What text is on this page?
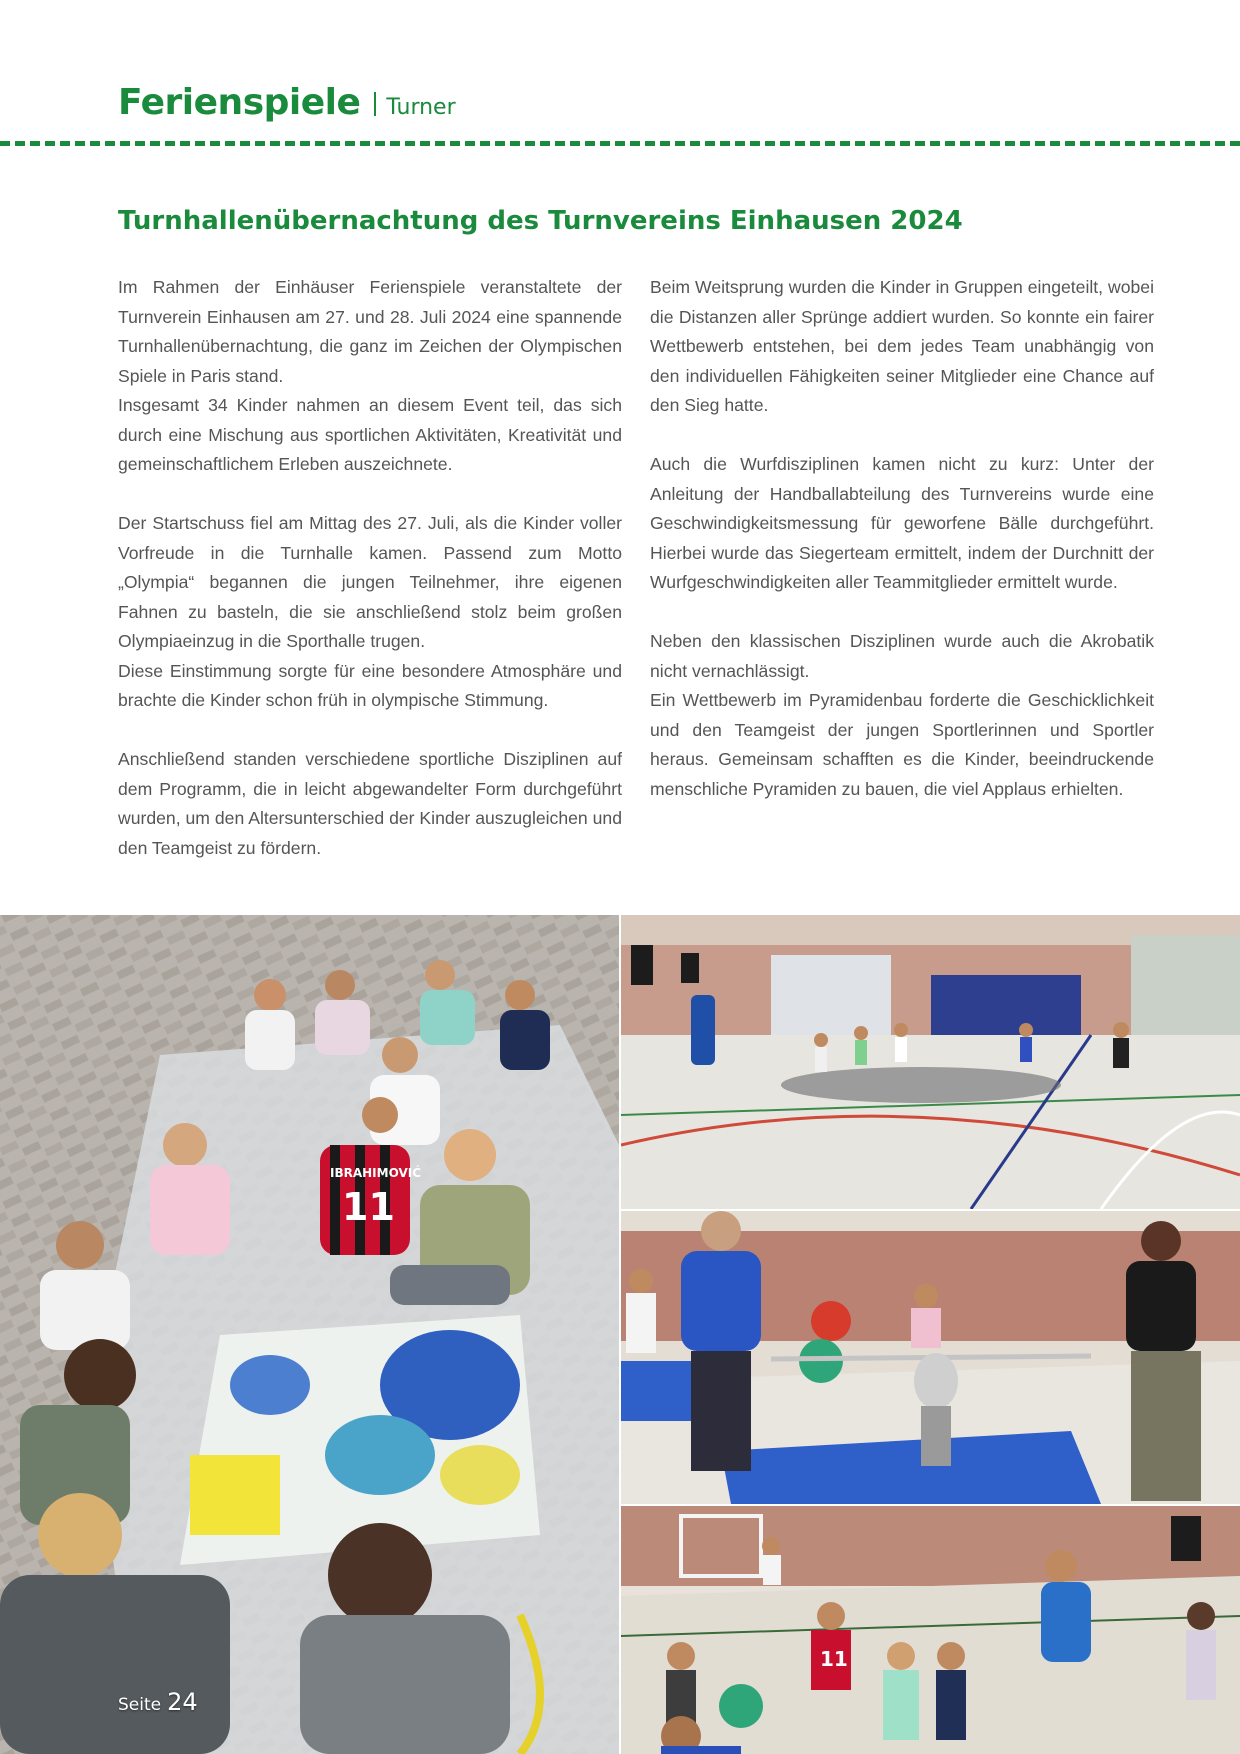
Ferienspiele Turner
Turnhallenübernachtung des Turnvereins Einhausen 2024

Im Rahmen der Einhäuser Ferienspiele veranstaltete der Turnverein Einhausen am 27. und 28. Juli 2024 eine spannende Turnhallenübernachtung, die ganz im Zeichen der Olympischen Spiele in Paris stand.

Insgesamt 34 Kinder nahmen an diesem Event teil, das sich durch eine Mischung aus sportlichen Aktivitäten, Kreativität und gemeinschaftlichem Erleben auszeichnete.

Der Startschuss fiel am Mittag des 27. Juli, als die Kinder voller Vorfreude in die Turnhalle kamen. Passend zum Motto „Olympia“ begannen die jungen Teilnehmer, ihre eigenen Fahnen zu basteln, die sie anschließend stolz beim großen Olympiaeinzug in die Sporthalle trugen.

Diese Einstimmung sorgte für eine besondere Atmosphäre und brachte die Kinder schon früh in olympische Stimmung.

Anschließend standen verschiedene sportliche Disziplinen auf dem Programm, die in leicht abgewandelter Form durchgeführt wurden, um den Altersunterschied der Kinder auszugleichen und den Teamgeist zu fördern.

Beim Weitsprung wurden die Kinder in Gruppen eingeteilt, wobei die Distanzen aller Sprünge addiert wurden. So konnte ein fairer Wettbewerb entstehen, bei dem jedes Team unabhängig von den individuellen Fähigkeiten seiner Mitglieder eine Chance auf den Sieg hatte.

Auch die Wurfdisziplinen kamen nicht zu kurz: Unter der Anleitung der Handballabteilung des Turnvereins wurde eine Geschwindigkeitsmessung für geworfene Bälle durchgeführt. Hierbei wurde das Siegerteam ermittelt, indem der Durchnitt der Wurfgeschwindigkeiten aller Teammitglieder ermittelt wurde.

Neben den klassischen Disziplinen wurde auch die Akrobatik nicht vernachlässigt.

Ein Wettbewerb im Pyramidenbau forderte die Geschicklichkeit und den Teamgeist der jungen Sportlerinnen und Sportler heraus. Gemeinsam schafften es die Kinder, beeindruckende menschliche Pyramiden zu bauen, die viel Applaus erhielten.

IBRAHIMOVIĆ
11
11
Seite 24
